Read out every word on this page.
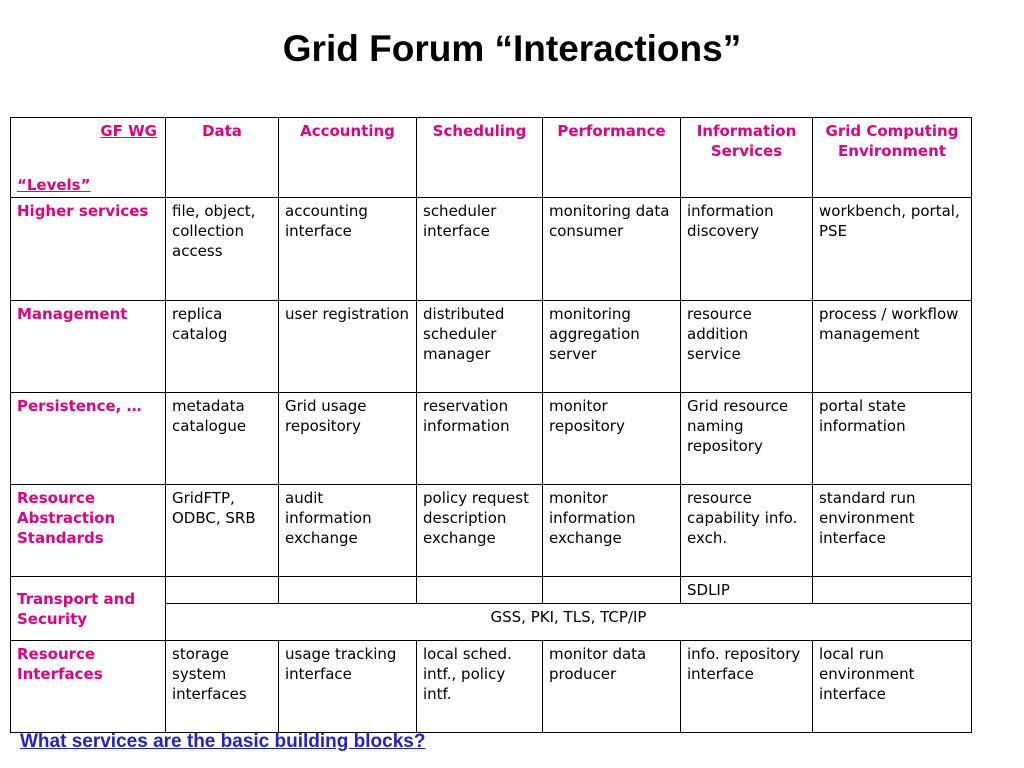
Grid Forum “Interactions”
GF WG
“Levels”	Data	Accounting	Scheduling	Performance	Information Services	Grid Computing Environment
Higher services	file, object, collection access	accounting interface	scheduler interface	monitoring data consumer	information discovery	workbench, portal, PSE
Management	replica catalog	user registration	distributed scheduler manager	monitoring aggregation server	resource addition service	process / workflow management
Persistence, …	metadata catalogue	Grid usage repository	reservation information	monitor repository	Grid resource naming repository	portal state information
Resource Abstraction Standards	GridFTP, ODBC, SRB	audit information exchange	policy request description exchange	monitor information exchange	resource capability info. exch.	standard run environment interface
Transport and Security					SDLIP	
	GSS, PKI, TLS, TCP/IP					
Resource Interfaces	storage system interfaces	usage tracking interface	local sched. intf., policy intf.	monitor data producer	info. repository interface	local run environment interface
What services are the basic building blocks?
